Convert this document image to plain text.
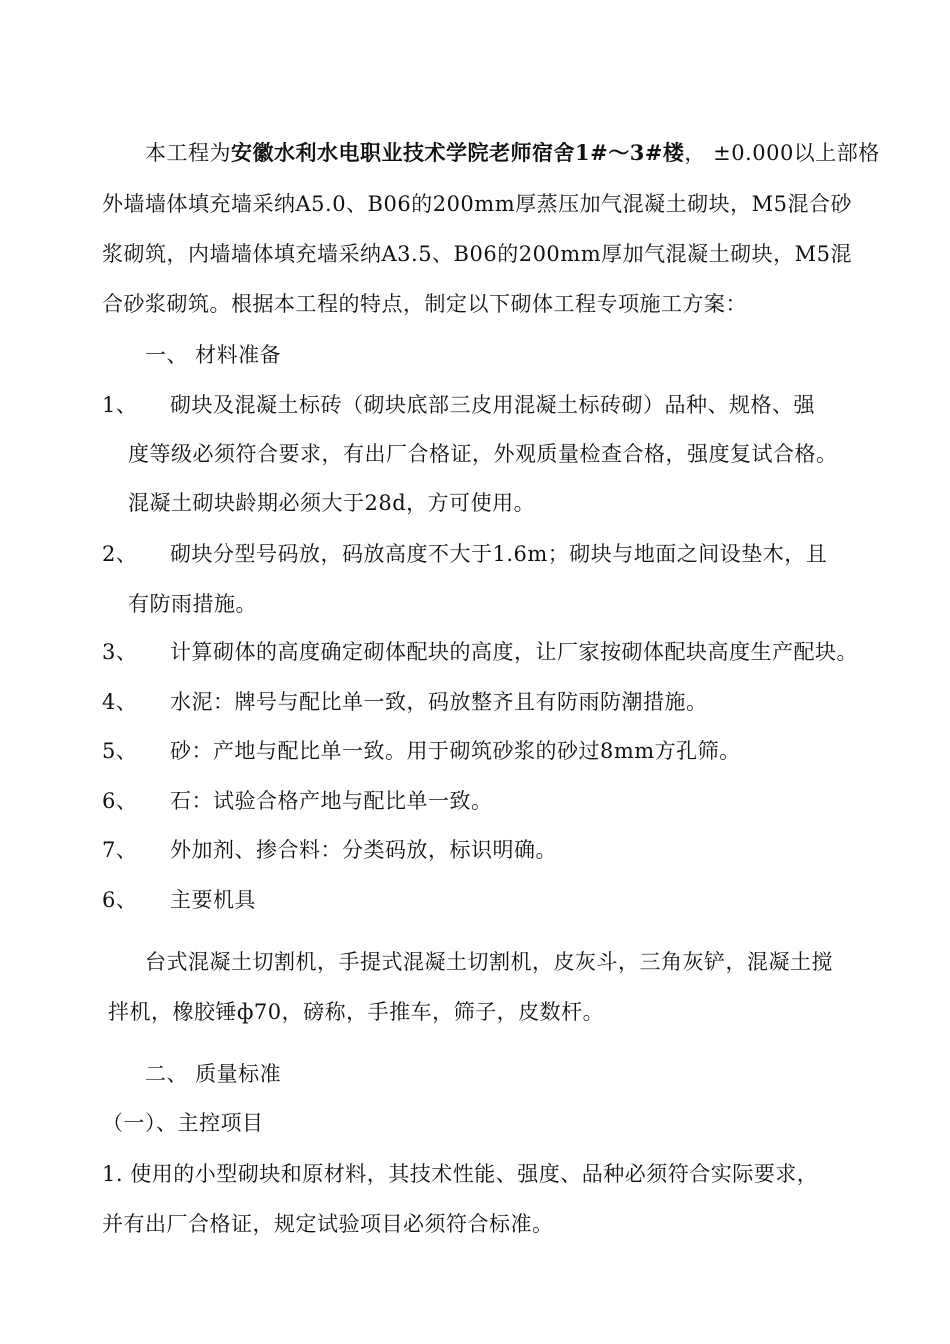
本工程为安徽水利水电职业技术学院老师宿舍1#～3#楼， ±0.000以上部格
外墙墙体填充墙采纳A5.0、B06的200mm厚蒸压加气混凝土砌块，M5混合砂
浆砌筑，内墙墙体填充墙采纳A3.5、B06的200mm厚加气混凝土砌块，M5混
合砂浆砌筑。根据本工程的特点，制定以下砌体工程专项施工方案：
一、 材料准备
1、 砌块及混凝土标砖（砌块底部三皮用混凝土标砖砌）品种、规格、强
度等级必须符合要求，有出厂合格证，外观质量检查合格，强度复试合格。
混凝土砌块龄期必须大于28d，方可使用。
2、 砌块分型号码放，码放高度不大于1.6m；砌块与地面之间设垫木，且
有防雨措施。
3、 计算砌体的高度确定砌体配块的高度，让厂家按砌体配块高度生产配块。
4、 水泥：牌号与配比单一致，码放整齐且有防雨防潮措施。
5、 砂：产地与配比单一致。用于砌筑砂浆的砂过8mm方孔筛。
6、 石：试验合格产地与配比单一致。
7、 外加剂、掺合料：分类码放，标识明确。
6、 主要机具
台式混凝土切割机，手提式混凝土切割机，皮灰斗，三角灰铲，混凝土搅
拌机，橡胶锤ф70，磅称，手推车，筛子，皮数杆。
二、 质量标准
（一）、主控项目
1. 使用的小型砌块和原材料，其技术性能、强度、品种必须符合实际要求，
并有出厂合格证，规定试验项目必须符合标准。
